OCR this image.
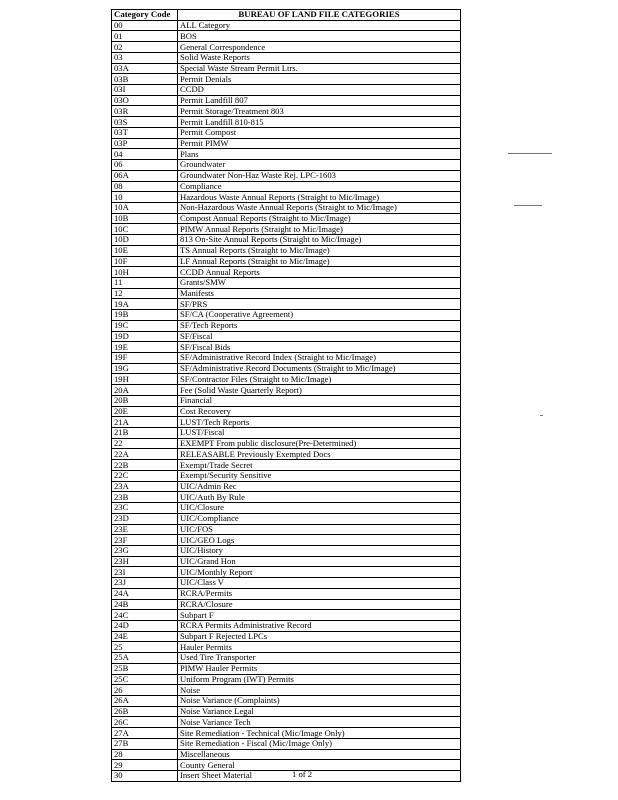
Category Code	BUREAU OF LAND FILE CATEGORIES
00	ALL Category
01	BOS
02	General Correspondence
03	Solid Waste Reports
03A	Special Waste Stream Permit Ltrs.
03B	Permit Denials
03I	CCDD
03O	Permit Landfill 807
03R	Permit Storage/Treatment 803
03S	Permit Landfill 810-815
03T	Permit Compost
03P	Permit PIMW
04	Plans
06	Groundwater
06A	Groundwater Non-Haz Waste Rej. LPC-1603
08	Compliance
10	Hazardous Waste Annual Reports (Straight to Mic/Image)
10A	Non-Hazardous Waste Annual Reports (Straight to Mic/Image)
10B	Compost Annual Reports (Straight to Mic/Image)
10C	PIMW Annual Reports (Straight to Mic/Image)
10D	813 On-Site Annual Reports (Straight to Mic/Image)
10E	TS Annual Reports (Straight to Mic/Image)
10F	LF Annual Reports (Straight to Mic/Image)
10H	CCDD Annual Reports
11	Grants/SMW
12	Manifests
19A	SF/PRS
19B	SF/CA (Cooperative Agreement)
19C	SF/Tech Reports
19D	SF/Fiscal
19E	SF/Fiscal Bids
19F	SF/Administrative Record Index (Straight to Mic/Image)
19G	SF/Administrative Record Documents (Straight to Mic/Image)
19H	SF/Contractor Files (Straight to Mic/Image)
20A	Fee (Solid Waste Quarterly Report)
20B	Financial
20E	Cost Recovery
21A	LUST/Tech Reports
21B	LUST/Fiscal
22	EXEMPT From public disclosure(Pre-Determined)
22A	RELEASABLE Previously Exempted Docs
22B	Exempt/Trade Secret
22C	Exempt/Security Sensitive
23A	UIC/Admin Rec
23B	UIC/Auth By Rule
23C	UIC/Closure
23D	UIC/Compliance
23E	UIC/FOS
23F	UIC/GEO Logs
23G	UIC/History
23H	UIC/Grand Hon
23I	UIC/Monthly Report
23J	UIC/Class V
24A	RCRA/Permits
24B	RCRA/Closure
24C	Subpart F
24D	RCRA Permits Administrative Record
24E	Subpart F Rejected LPCs
25	Hauler Permits
25A	Used Tire Transporter
25B	PIMW Hauler Permits
25C	Uniform Program (IWT) Permits
26	Noise
26A	Noise Variance (Complaints)
26B	Noise Variance Legal
26C	Noise Variance Tech
27A	Site Remediation - Technical (Mic/Image Only)
27B	Site Remediation - Fiscal (Mic/Image Only)
28	Miscellaneous
29	County General
30	Insert Sheet Material	1 of 2
